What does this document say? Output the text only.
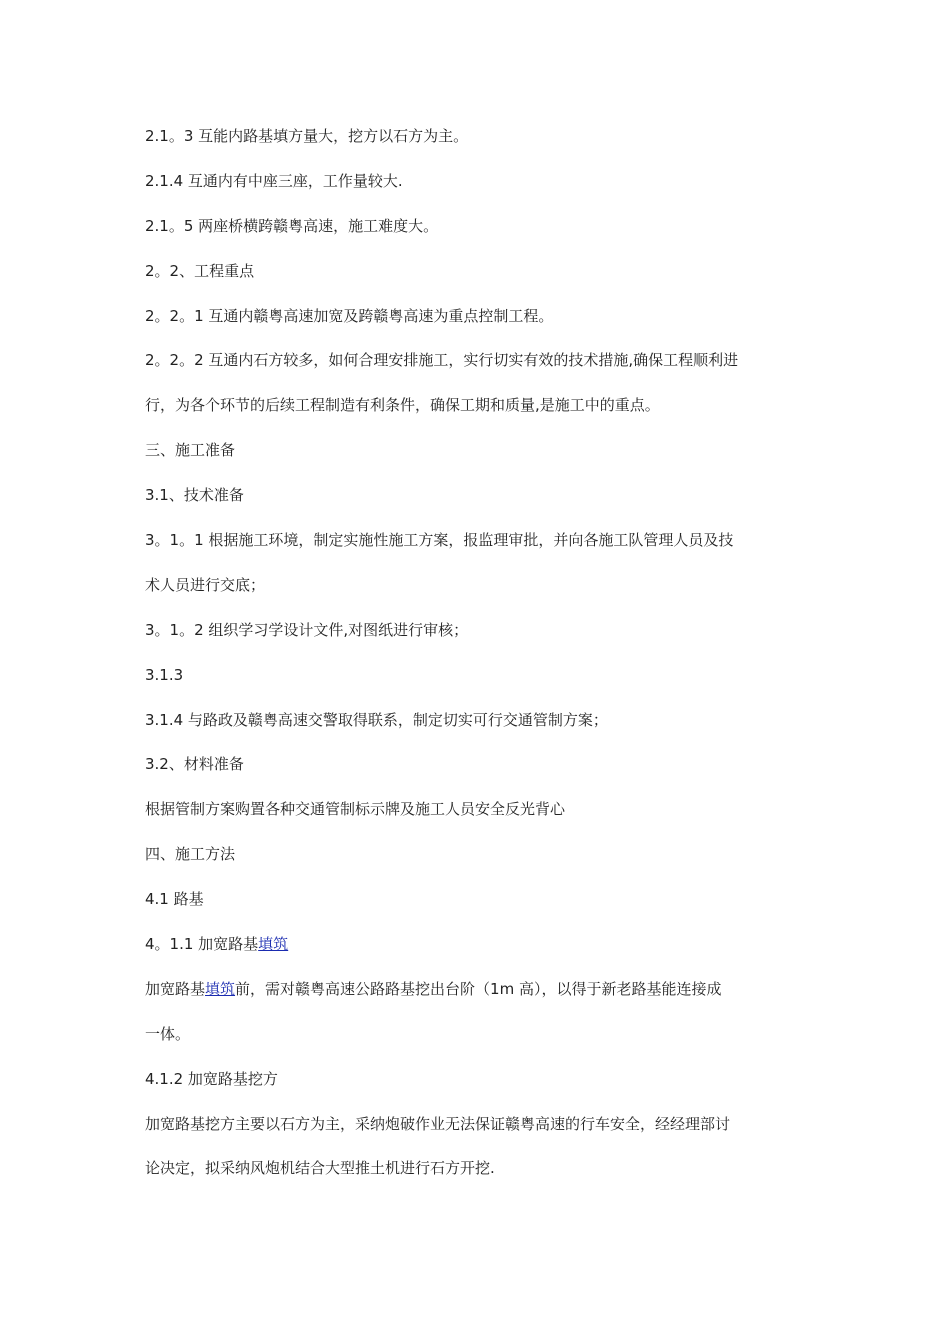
2.1。3 互能内路基填方量大，挖方以石方为主。
2.1.4 互通内有中座三座，工作量较大.
2.1。5 两座桥横跨赣粤高速，施工难度大。
2。2、工程重点
2。2。1 互通内赣粤高速加宽及跨赣粤高速为重点控制工程。
2。2。2 互通内石方较多，如何合理安排施工，实行切实有效的技术措施,确保工程顺利进
行，为各个环节的后续工程制造有利条件，确保工期和质量,是施工中的重点。
三、施工准备
3.1、技术准备
3。1。1 根据施工环境，制定实施性施工方案，报监理审批，并向各施工队管理人员及技
术人员进行交底；
3。1。2 组织学习学设计文件,对图纸进行审核；
3.1.3
3.1.4 与路政及赣粤高速交警取得联系，制定切实可行交通管制方案；
3.2、材料准备
根据管制方案购置各种交通管制标示牌及施工人员安全反光背心
四、施工方法
4.1 路基
4。1.1 加宽路基填筑
加宽路基填筑前，需对赣粤高速公路路基挖出台阶（1m 高），以得于新老路基能连接成
一体。
4.1.2 加宽路基挖方
加宽路基挖方主要以石方为主，采纳炮破作业无法保证赣粤高速的行车安全，经经理部讨
论决定，拟采纳风炮机结合大型推土机进行石方开挖.
